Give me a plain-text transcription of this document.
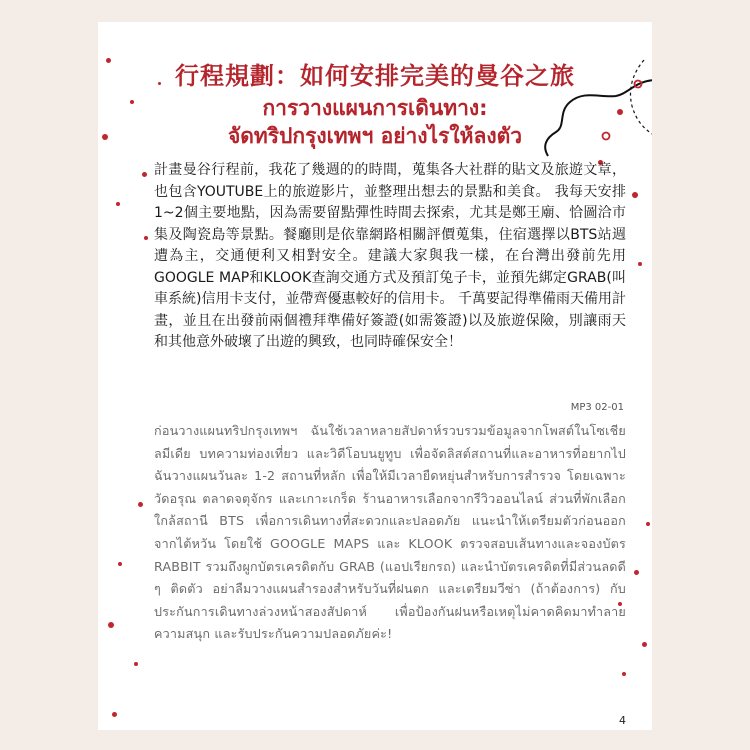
行程規劃：如何安排完美的曼谷之旅
การวางแผนการเดินทาง:
จัดทริปกรุงเทพฯ อย่างไรให้ลงตัว
計畫曼谷行程前，我花了幾週的的時間，蒐集各大社群的貼文及旅遊文章，也包含YOUTUBE上的旅遊影片，並整理出想去的景點和美食。 我每天安排1~2個主要地點，因為需要留點彈性時間去探索，尤其是鄭王廟、恰圖洽市集及陶瓷島等景點。餐廳則是依靠網路相關評價蒐集，住宿選擇以BTS站週遭為主，交通便利又相對安全。建議大家與我一樣，在台灣出發前先用GOOGLE MAP和KLOOK查詢交通方式及預訂兔子卡，並預先綁定GRAB(叫車系統)信用卡支付，並帶齊優惠較好的信用卡。 千萬要記得準備雨天備用計畫，並且在出發前兩個禮拜準備好簽證(如需簽證)以及旅遊保險，別讓雨天和其他意外破壞了出遊的興致，也同時確保安全！
MP3 02-01
ก่อนวางแผนทริปกรุงเทพฯ ฉันใช้เวลาหลายสัปดาห์รวบรวมข้อมูลจากโพสต์ในโซเชียลมีเดีย บทความท่องเที่ยว และวิดีโอบนยูทูบ เพื่อจัดลิสต์สถานที่และอาหารที่อยากไป ฉันวางแผนวันละ 1-2 สถานที่หลัก เพื่อให้มีเวลายืดหยุ่นสำหรับการสำรวจ โดยเฉพาะวัดอรุณ ตลาดจตุจักร และเกาะเกร็ด ร้านอาหารเลือกจากรีวิวออนไลน์ ส่วนที่พักเลือกใกล้สถานี BTS เพื่อการเดินทางที่สะดวกและปลอดภัย แนะนำให้เตรียมตัวก่อนออกจากไต้หวัน โดยใช้ GOOGLE MAPS และ KLOOK ตรวจสอบเส้นทางและจองบัตร RABBIT รวมถึงผูกบัตรเครดิตกับ GRAB (แอปเรียกรถ) และนำบัตรเครดิตที่มีส่วนลดดี ๆ ติดตัว อย่าลืมวางแผนสำรองสำหรับวันที่ฝนตก และเตรียมวีซ่า (ถ้าต้องการ) กับประกันการเดินทางล่วงหน้าสองสัปดาห์ เพื่อป้องกันฝนหรือเหตุไม่คาดคิดมาทำลายความสนุก และรับประกันความปลอดภัยค่ะ!
4
